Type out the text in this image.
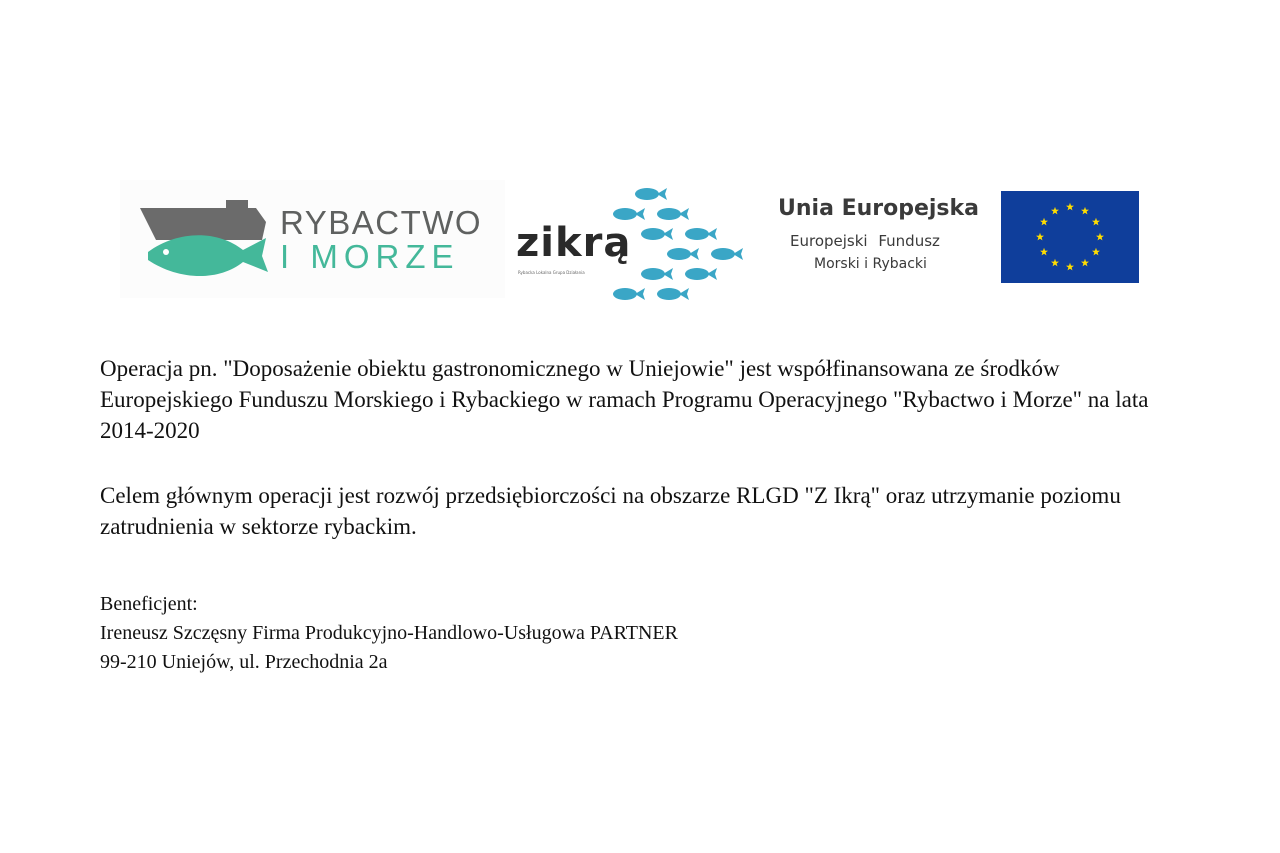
RYBACTWO
I MORZE zikrą
Rybacka Lokalna Grupa Działania
Unia Europejska
Europejski Fundusz
Morski i Rybacki
Operacja pn. "Doposażenie obiektu gastronomicznego w Uniejowie" jest współfinansowana ze środków Europejskiego Funduszu Morskiego i Rybackiego w ramach Programu Operacyjnego "Rybactwo i Morze" na lata 2014-2020
Celem głównym operacji jest rozwój przedsiębiorczości na obszarze RLGD "Z Ikrą" oraz utrzymanie poziomu zatrudnienia w sektorze rybackim.
Beneficjent:
Ireneusz Szczęsny Firma Produkcyjno-Handlowo-Usługowa PARTNER
99-210 Uniejów, ul. Przechodnia 2a
